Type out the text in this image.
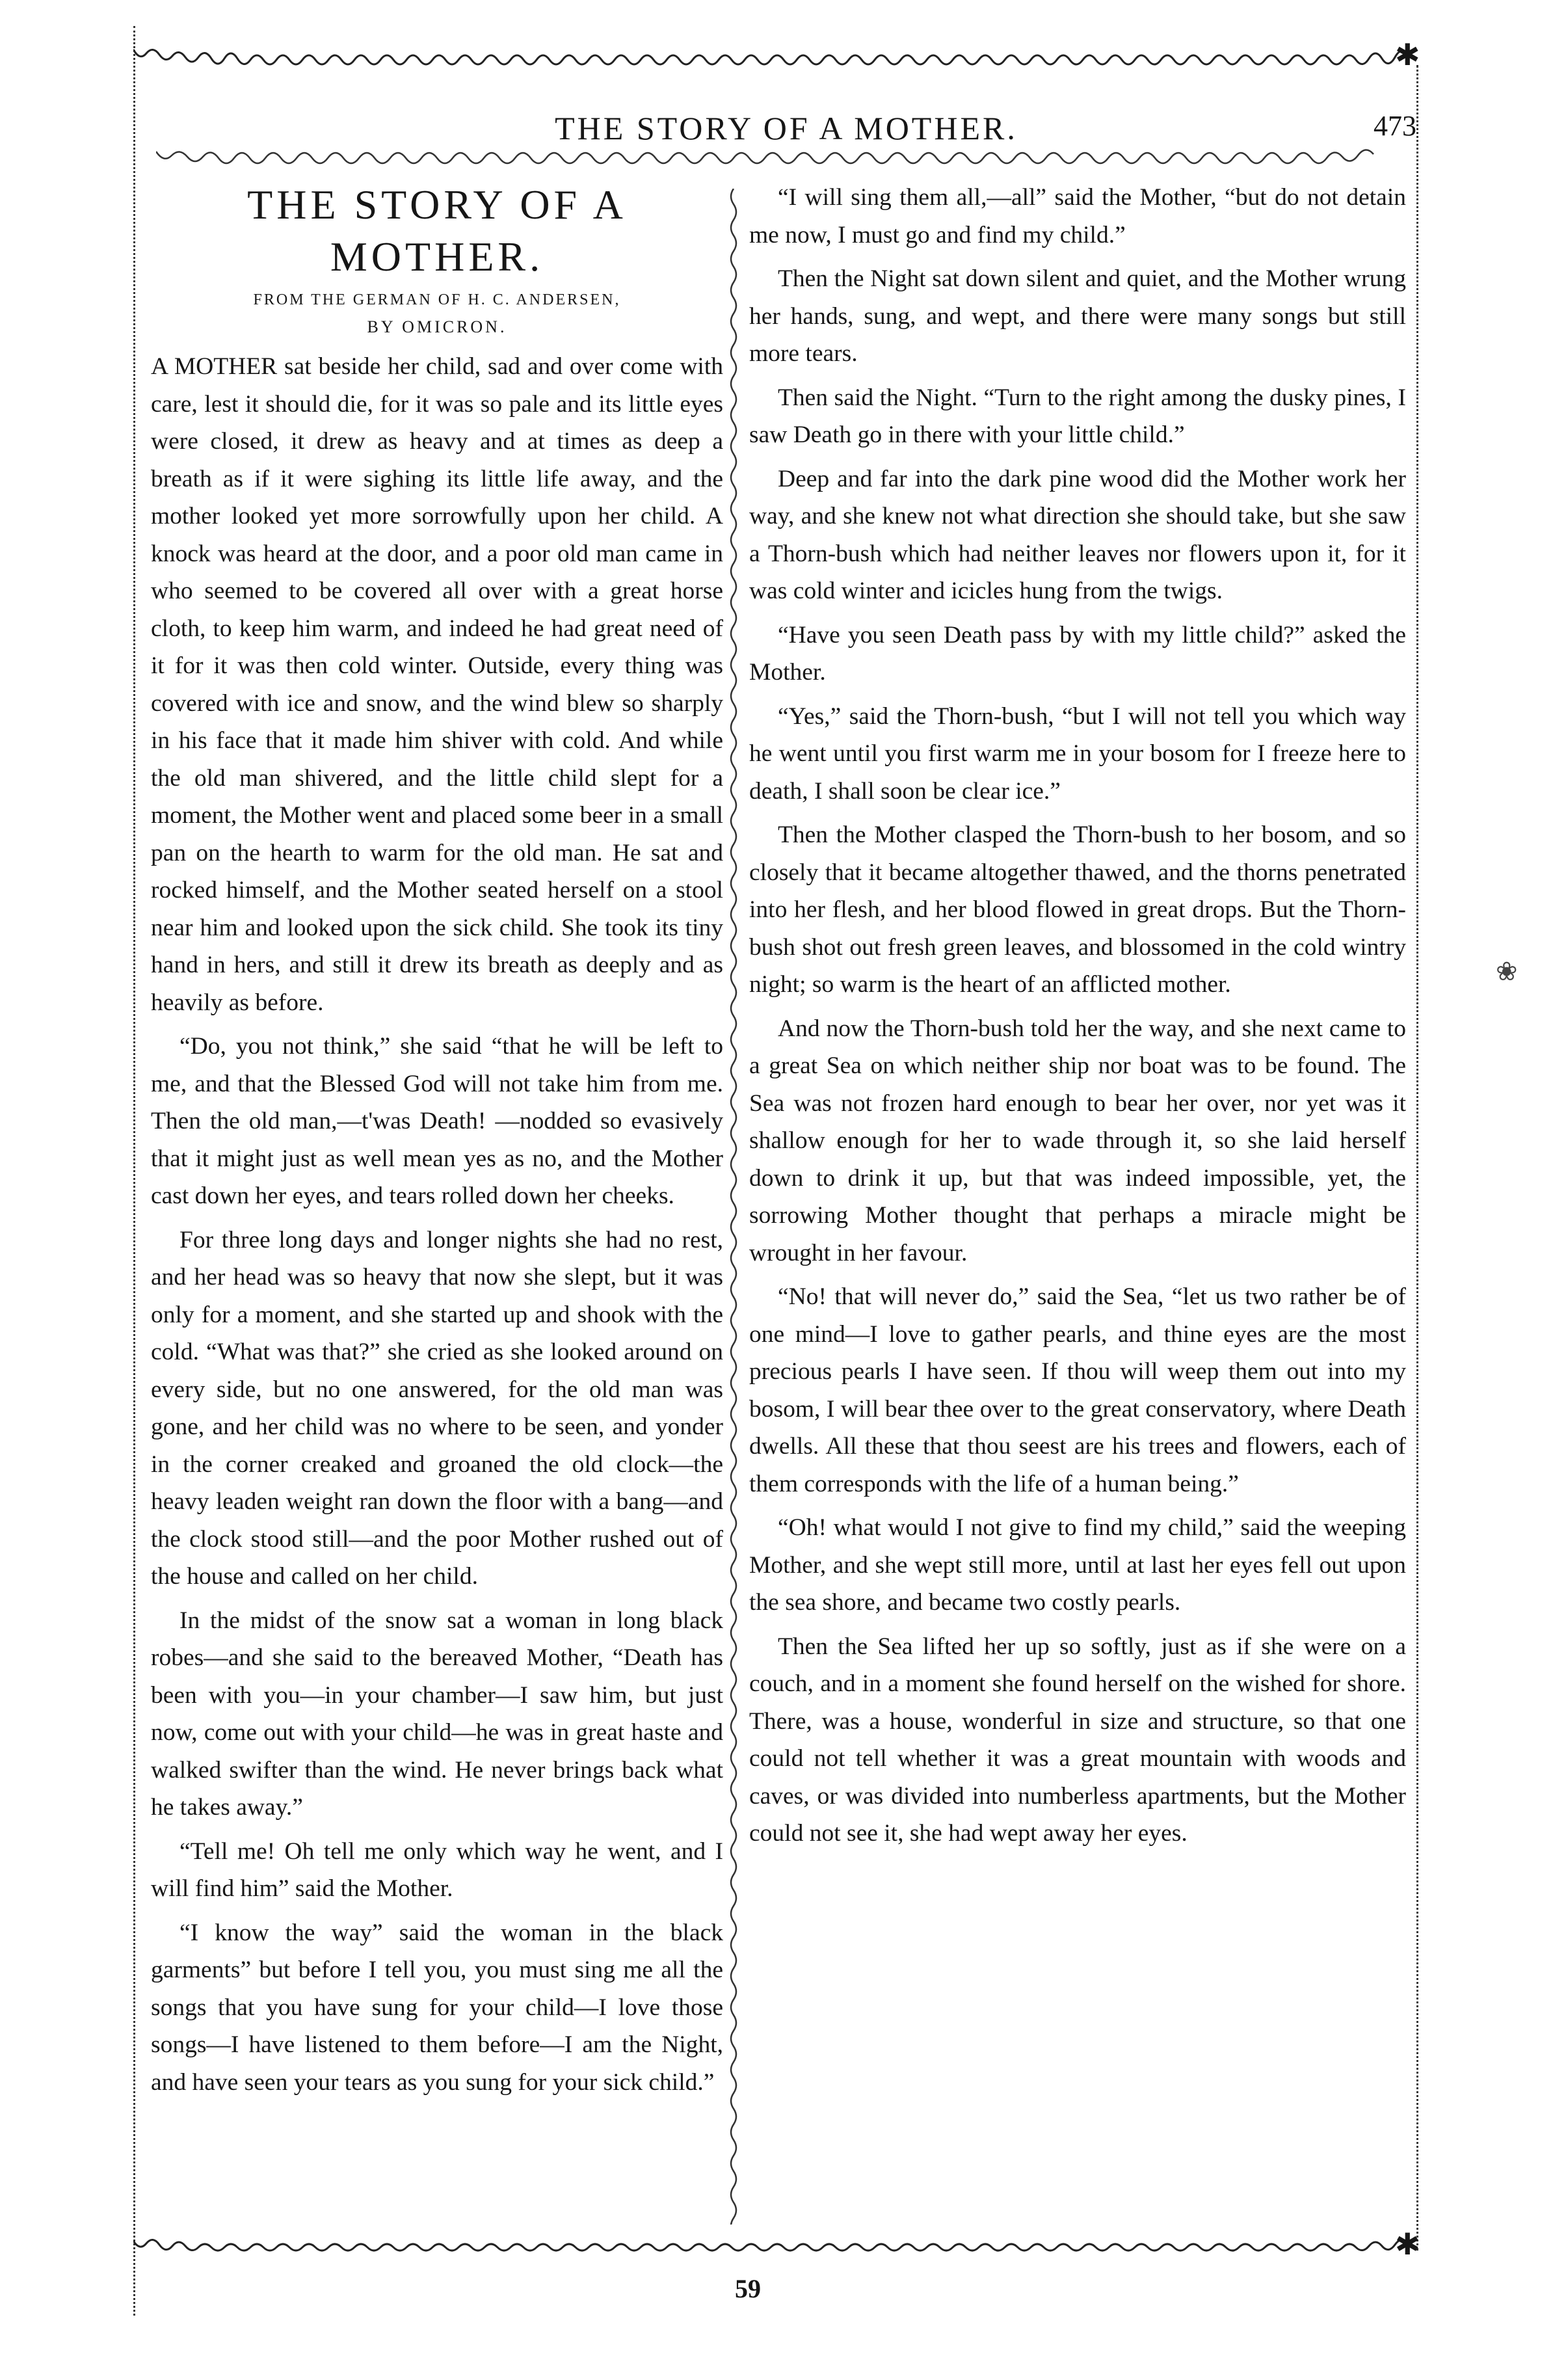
✱
THE STORY OF A MOTHER.	473
THE STORY OF A MOTHER.
FROM THE GERMAN OF H. C. ANDERSEN,
BY OMICRON.

A MOTHER sat beside her child, sad and over come with care, lest it should die, for it was so pale and its little eyes were closed, it drew as heavy and at times as deep a breath as if it were sighing its little life away, and the mother looked yet more sorrowfully upon her child. A knock was heard at the door, and a poor old man came in who seemed to be covered all over with a great horse cloth, to keep him warm, and indeed he had great need of it for it was then cold winter. Outside, every thing was covered with ice and snow, and the wind blew so sharply in his face that it made him shiver with cold. And while the old man shivered, and the little child slept for a moment, the Mother went and placed some beer in a small pan on the hearth to warm for the old man. He sat and rocked himself, and the Mother seated herself on a stool near him and looked upon the sick child. She took its tiny hand in hers, and still it drew its breath as deeply and as heavily as before.

“Do, you not think,” she said “that he will be left to me, and that the Blessed God will not take him from me. Then the old man,—t'was Death! —nodded so evasively that it might just as well mean yes as no, and the Mother cast down her eyes, and tears rolled down her cheeks.

For three long days and longer nights she had no rest, and her head was so heavy that now she slept, but it was only for a moment, and she started up and shook with the cold. “What was that?” she cried as she looked around on every side, but no one answered, for the old man was gone, and her child was no where to be seen, and yonder in the corner creaked and groaned the old clock—the heavy leaden weight ran down the floor with a bang—and the clock stood still—and the poor Mother rushed out of the house and called on her child.

In the midst of the snow sat a woman in long black robes—and she said to the bereaved Mother, “Death has been with you—in your chamber—I saw him, but just now, come out with your child—he was in great haste and walked swifter than the wind. He never brings back what he takes away.”

“Tell me! Oh tell me only which way he went, and I will find him” said the Mother.

“I know the way” said the woman in the black garments” but before I tell you, you must sing me all the songs that you have sung for your child—I love those songs—I have listened to them before—I am the Night, and have seen your tears as you sung for your sick child.”

“I will sing them all,—all” said the Mother, “but do not detain me now, I must go and find my child.”

Then the Night sat down silent and quiet, and the Mother wrung her hands, sung, and wept, and there were many songs but still more tears.

Then said the Night. “Turn to the right among the dusky pines, I saw Death go in there with your little child.”

Deep and far into the dark pine wood did the Mother work her way, and she knew not what direction she should take, but she saw a Thorn-bush which had neither leaves nor flowers upon it, for it was cold winter and icicles hung from the twigs.

“Have you seen Death pass by with my little child?” asked the Mother.

“Yes,” said the Thorn-bush, “but I will not tell you which way he went until you first warm me in your bosom for I freeze here to death, I shall soon be clear ice.”

Then the Mother clasped the Thorn-bush to her bosom, and so closely that it became altogether thawed, and the thorns penetrated into her flesh, and her blood flowed in great drops. But the Thorn-bush shot out fresh green leaves, and blossomed in the cold wintry night; so warm is the heart of an afflicted mother.

And now the Thorn-bush told her the way, and she next came to a great Sea on which neither ship nor boat was to be found. The Sea was not frozen hard enough to bear her over, nor yet was it shallow enough for her to wade through it, so she laid herself down to drink it up, but that was indeed impossible, yet, the sorrowing Mother thought that perhaps a miracle might be wrought in her favour.

“No! that will never do,” said the Sea, “let us two rather be of one mind—I love to gather pearls, and thine eyes are the most precious pearls I have seen. If thou will weep them out into my bosom, I will bear thee over to the great conservatory, where Death dwells. All these that thou seest are his trees and flowers, each of them corresponds with the life of a human being.”

“Oh! what would I not give to find my child,” said the weeping Mother, and she wept still more, until at last her eyes fell out upon the sea shore, and became two costly pearls.

Then the Sea lifted her up so softly, just as if she were on a couch, and in a moment she found herself on the wished for shore. There, was a house, wonderful in size and structure, so that one could not tell whether it was a great mountain with woods and caves, or was divided into numberless apartments, but the Mother could not see it, she had wept away her eyes.

✱
59
❀
